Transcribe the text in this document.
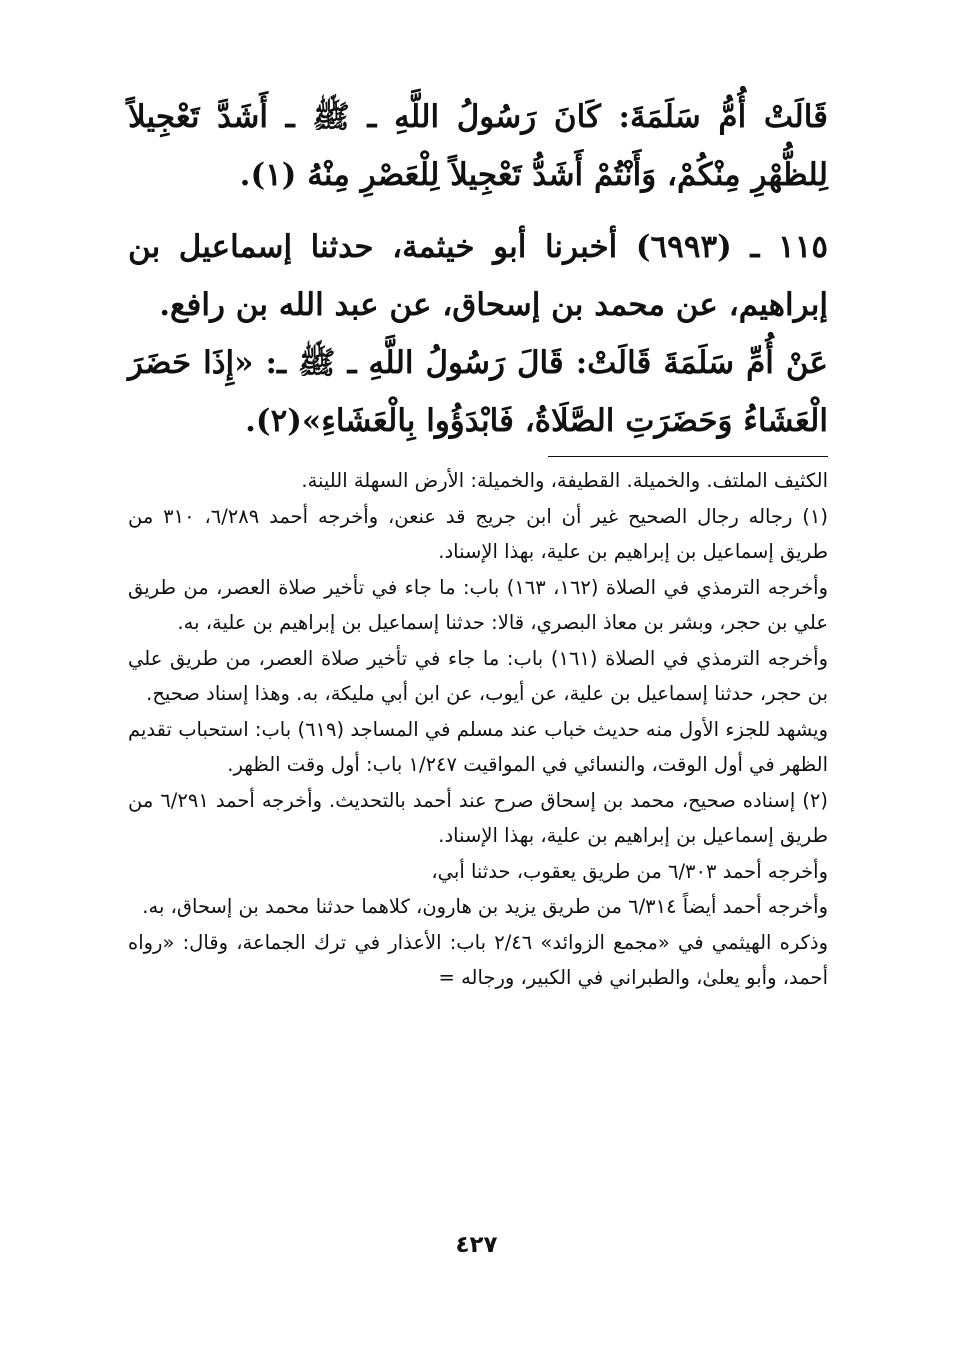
قَالَتْ أُمُّ سَلَمَةَ: كَانَ رَسُولُ اللَّهِ ـ ﷺ ـ أَشَدَّ تَعْجِيلاً لِلظُّهْرِ مِنْكُمْ، وَأَنْتُمْ أَشَدُّ تَعْجِيلاً لِلْعَصْرِ مِنْهُ (١).

١١٥ ـ (٦٩٩٣) أخبرنا أبو خيثمة، حدثنا إسماعيل بن إبراهيم، عن محمد بن إسحاق، عن عبد الله بن رافع.

عَنْ أُمِّ سَلَمَةَ قَالَتْ: قَالَ رَسُولُ اللَّهِ ـ ﷺ ـ: «إِذَا حَضَرَ الْعَشَاءُ وَحَضَرَتِ الصَّلَاةُ، فَابْدَؤُوا بِالْعَشَاءِ»(٢).

الكثيف الملتف. والخميلة. القطيفة، والخميلة: الأرض السهلة اللينة.

(١) رجاله رجال الصحيح غير أن ابن جريج قد عنعن، وأخرجه أحمد ٦/٢٨٩، ٣١٠ من طريق إسماعيل بن إبراهيم بن علية، بهذا الإسناد.

وأخرجه الترمذي في الصلاة (١٦٢، ١٦٣) باب: ما جاء في تأخير صلاة العصر، من طريق علي بن حجر، وبشر بن معاذ البصري، قالا: حدثنا إسماعيل بن إبراهيم بن علية، به.

وأخرجه الترمذي في الصلاة (١٦١) باب: ما جاء في تأخير صلاة العصر، من طريق علي بن حجر، حدثنا إسماعيل بن علية، عن أيوب، عن ابن أبي مليكة، به. وهذا إسناد صحيح.

ويشهد للجزء الأول منه حديث خباب عند مسلم في المساجد (٦١٩) باب: استحباب تقديم الظهر في أول الوقت، والنسائي في المواقيت ١/٢٤٧ باب: أول وقت الظهر.

(٢) إسناده صحيح، محمد بن إسحاق صرح عند أحمد بالتحديث. وأخرجه أحمد ٦/٢٩١ من طريق إسماعيل بن إبراهيم بن علية، بهذا الإسناد.

وأخرجه أحمد ٦/٣٠٣ من طريق يعقوب، حدثنا أبي،

وأخرجه أحمد أيضاً ٦/٣١٤ من طريق يزيد بن هارون، كلاهما حدثنا محمد بن إسحاق، به.

وذكره الهيثمي في «مجمع الزوائد» ٢/٤٦ باب: الأعذار في ترك الجماعة، وقال: «رواه أحمد، وأبو يعلىٰ، والطبراني في الكبير، ورجاله =

٤٢٧
